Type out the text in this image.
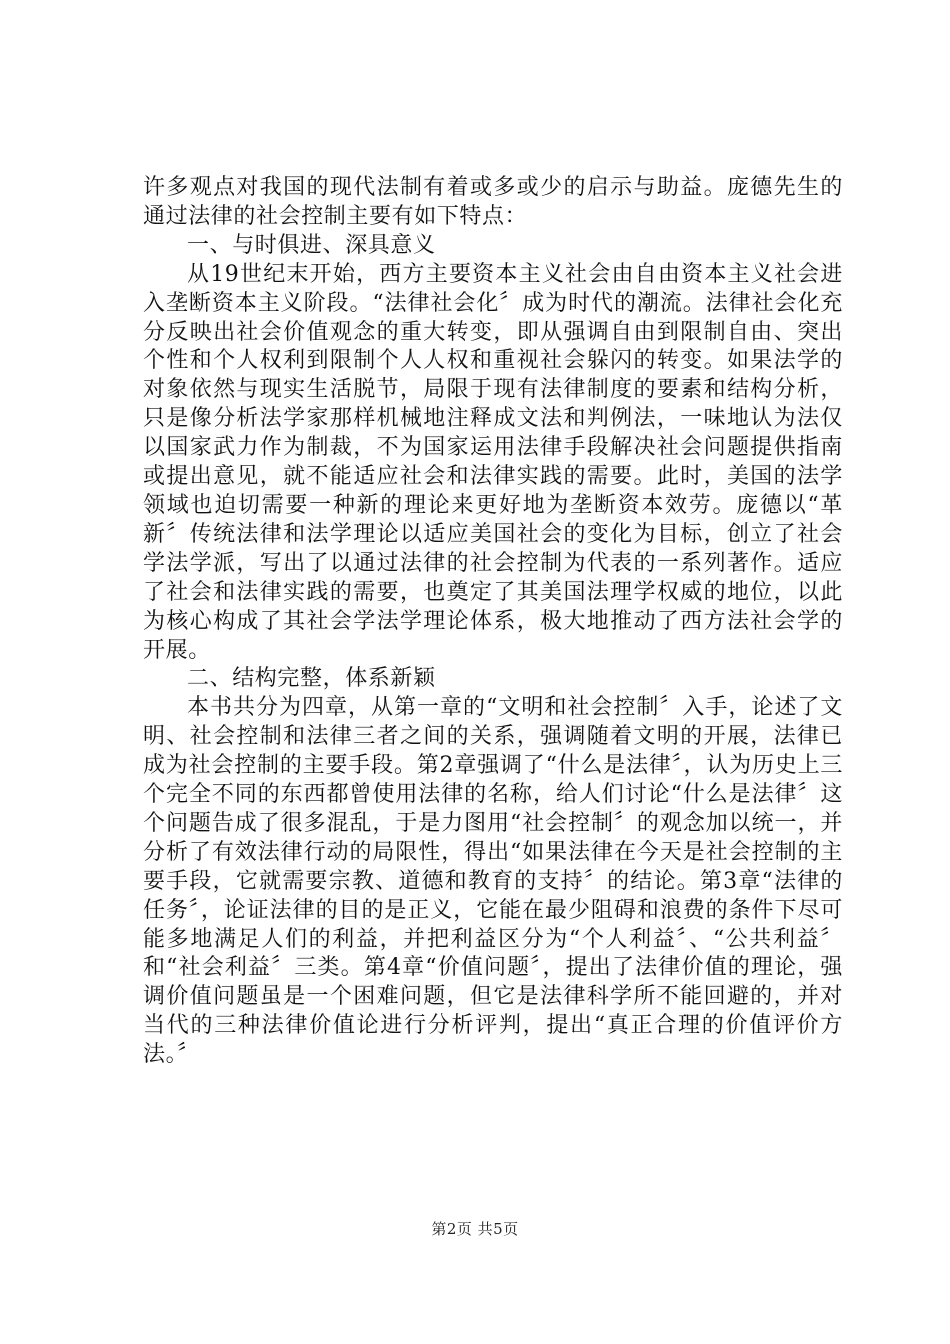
许多观点对我国的现代法制有着或多或少的启示与助益。庞德先生的通过法律的社会控制主要有如下特点：

一、与时俱进、深具意义

从19世纪末开始，西方主要资本主义社会由自由资本主义社会进入垄断资本主义阶段。“法律社会化〞成为时代的潮流。法律社会化充分反映出社会价值观念的重大转变，即从强调自由到限制自由、突出个性和个人权利到限制个人人权和重视社会躲闪的转变。如果法学的对象依然与现实生活脱节，局限于现有法律制度的要素和结构分析，只是像分析法学家那样机械地注释成文法和判例法，一味地认为法仅以国家武力作为制裁，不为国家运用法律手段解决社会问题提供指南或提出意见，就不能适应社会和法律实践的需要。此时，美国的法学领域也迫切需要一种新的理论来更好地为垄断资本效劳。庞德以“革新〞传统法律和法学理论以适应美国社会的变化为目标，创立了社会学法学派，写出了以通过法律的社会控制为代表的一系列著作。适应了社会和法律实践的需要，也奠定了其美国法理学权威的地位，以此为核心构成了其社会学法学理论体系，极大地推动了西方法社会学的开展。

二、结构完整，体系新颖

本书共分为四章，从第一章的“文明和社会控制〞入手，论述了文明、社会控制和法律三者之间的关系，强调随着文明的开展，法律已成为社会控制的主要手段。第2章强调了“什么是法律〞，认为历史上三个完全不同的东西都曾使用法律的名称，给人们讨论“什么是法律〞这个问题告成了很多混乱，于是力图用“社会控制〞的观念加以统一，并分析了有效法律行动的局限性，得出“如果法律在今天是社会控制的主要手段，它就需要宗教、道德和教育的支持〞的结论。第3章“法律的任务〞，论证法律的目的是正义，它能在最少阻碍和浪费的条件下尽可能多地满足人们的利益，并把利益区分为“个人利益〞、“公共利益〞和“社会利益〞三类。第4章“价值问题〞，提出了法律价值的理论，强调价值问题虽是一个困难问题，但它是法律科学所不能回避的，并对当代的三种法律价值论进行分析评判，提出“真正合理的价值评价方法。〞

第2页 共5页
